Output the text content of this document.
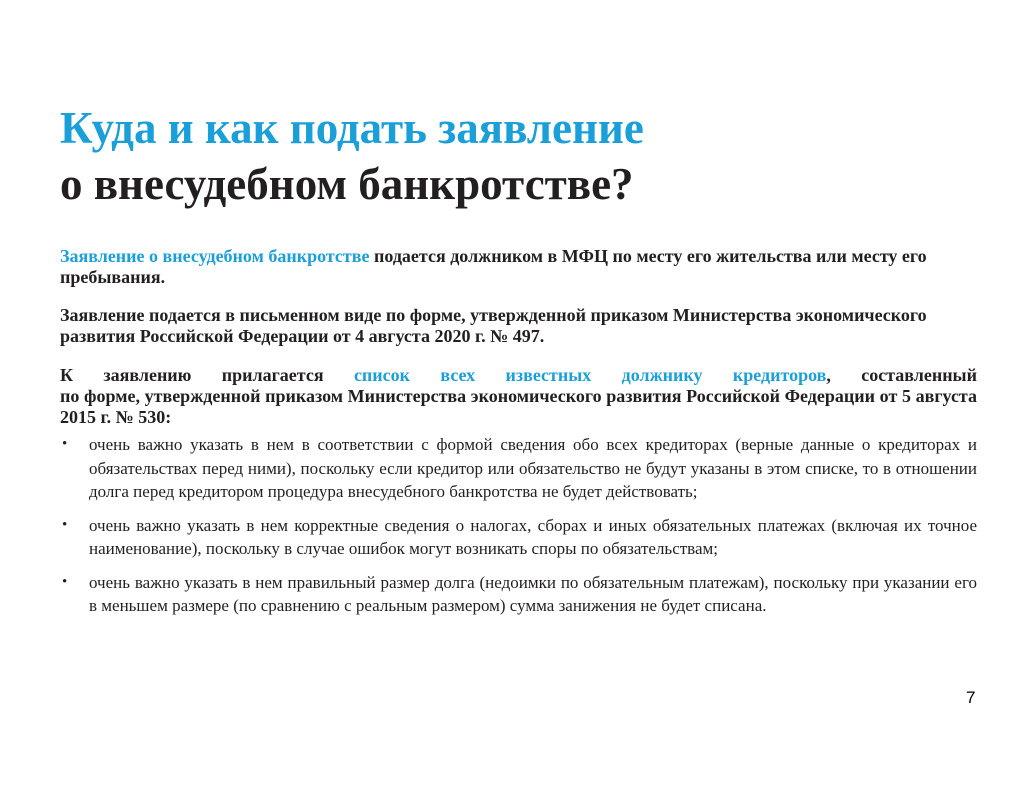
Куда и как подать заявление
о внесудебном банкротстве?
Заявление о внесудебном банкротстве подается должником в МФЦ по месту его жительства или месту его пребывания.
Заявление подается в письменном виде по форме, утвержденной приказом Министерства экономического развития Российской Федерации от 4 августа 2020 г. № 497.
К заявлению прилагается список всех известных должнику кредиторов, составленный
по форме, утвержденной приказом Министерства экономического развития Российской Федерации от 5 августа 2015 г. № 530:
• очень важно указать в нем в соответствии с формой сведения обо всех кредиторах (верные данные о кредиторах и обязательствах перед ними), поскольку если кредитор или обязательство не будут указаны в этом списке, то в отношении долга перед кредитором процедура внесудебного банкротства не будет действовать;
• очень важно указать в нем корректные сведения о налогах, сборах и иных обязательных платежах (включая их точное наименование), поскольку в случае ошибок могут возникать споры по обязательствам;
• очень важно указать в нем правильный размер долга (недоимки по обязательным платежам), поскольку при указании его в меньшем размере (по сравнению с реальным размером) сумма занижения не будет списана.
7
